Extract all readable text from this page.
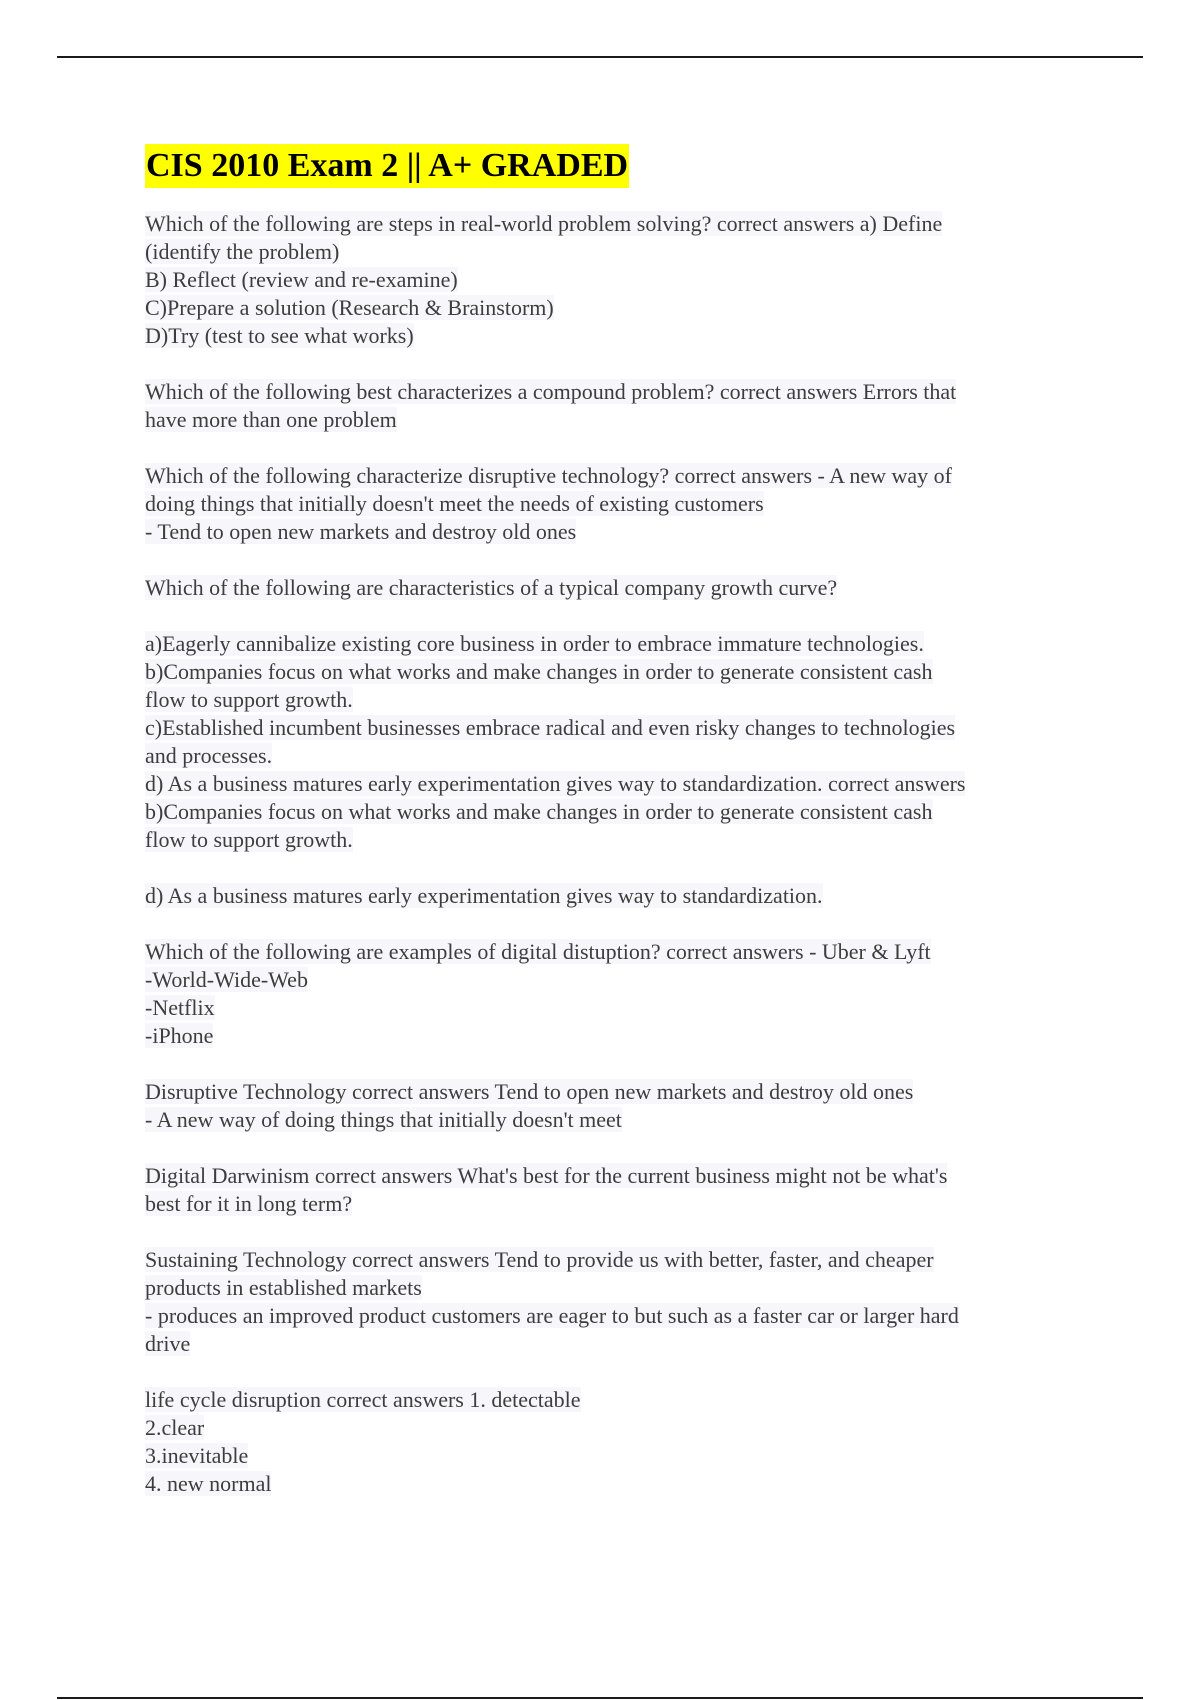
CIS 2010 Exam 2 || A+ GRADED
Which of the following are steps in real-world problem solving? correct answers a) Define
(identify the problem)
B) Reflect (review and re-examine)
C)Prepare a solution (Research & Brainstorm)
D)Try (test to see what works)
Which of the following best characterizes a compound problem? correct answers Errors that
have more than one problem
Which of the following characterize disruptive technology? correct answers - A new way of
doing things that initially doesn't meet the needs of existing customers
- Tend to open new markets and destroy old ones
Which of the following are characteristics of a typical company growth curve?
a)Eagerly cannibalize existing core business in order to embrace immature technologies.
b)Companies focus on what works and make changes in order to generate consistent cash
flow to support growth.
c)Established incumbent businesses embrace radical and even risky changes to technologies
and processes.
d) As a business matures early experimentation gives way to standardization. correct answers
b)Companies focus on what works and make changes in order to generate consistent cash
flow to support growth.
d) As a business matures early experimentation gives way to standardization.
Which of the following are examples of digital distuption? correct answers - Uber & Lyft
-World-Wide-Web
-Netflix
-iPhone
Disruptive Technology correct answers Tend to open new markets and destroy old ones
- A new way of doing things that initially doesn't meet
Digital Darwinism correct answers What's best for the current business might not be what's
best for it in long term?
Sustaining Technology correct answers Tend to provide us with better, faster, and cheaper
products in established markets
- produces an improved product customers are eager to but such as a faster car or larger hard
drive
life cycle disruption correct answers 1. detectable
2.clear
3.inevitable
4. new normal
